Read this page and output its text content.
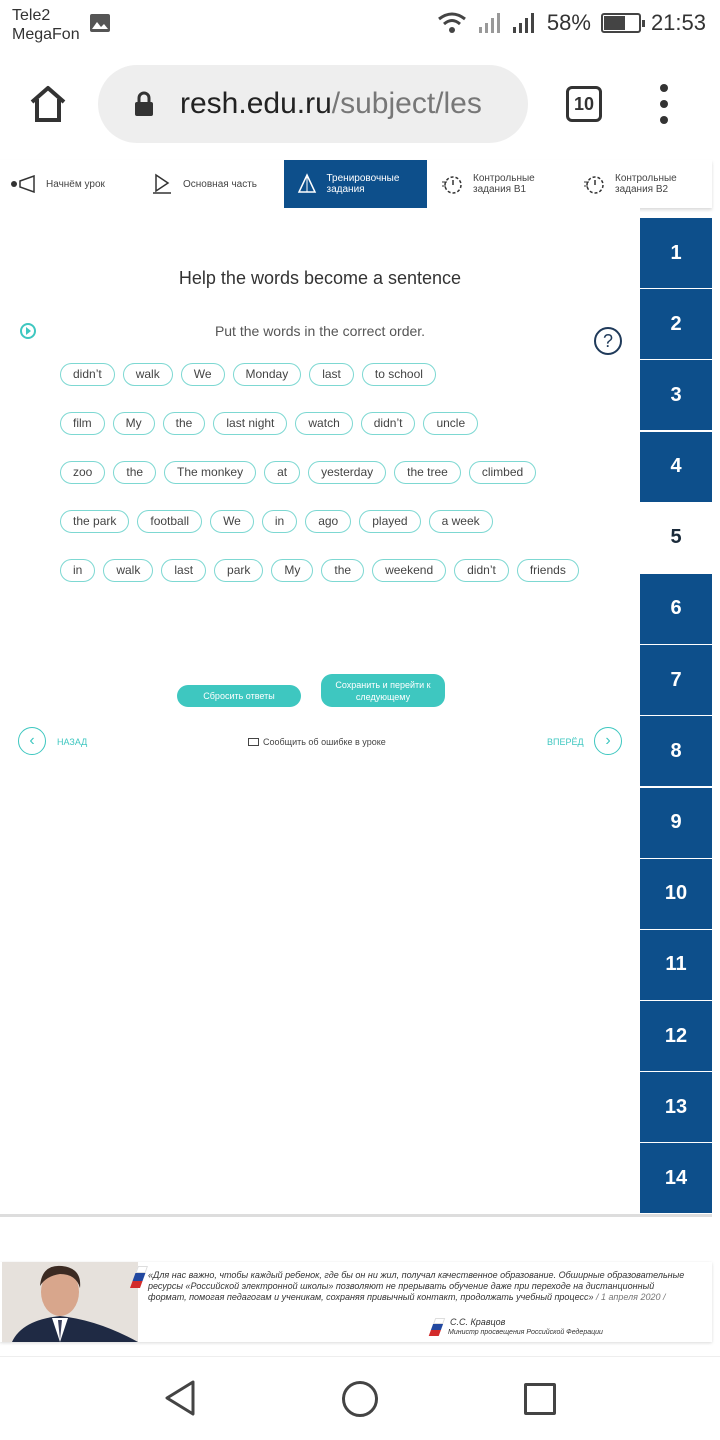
Tele2
MegaFon	58%	21:53
resh.edu.ru/subject/les	10
Начнём урок	Основная часть	Тренировочные задания
Контрольные задания В1
Контрольные задания В2
Help the words become a sentence
Put the words in the correct order.	?
didn’t	walk	We	Monday	last	to school
film	My	the	last night	watch	didn’t	uncle
zoo	the	The monkey	at	yesterday	the tree	climbed
the park	football	We	in	ago	played	a week
in	walk	last	park	My	the	weekend	didn’t	friends
Сбросить ответы
Сохранить и перейти к следующему
‹	НАЗАД	Сообщить об ошибке в уроке	ВПЕРЁД	›
1
2
3
4
5
6
7
8
9
10
11
12
13
14
«Для нас важно, чтобы каждый ребенок, где бы он ни жил, получал качественное образование. Обширные образовательные ресурсы «Российской электронной школы» позволяют не прерывать обучение даже при переходе на дистанционный формат, помогая педагогам и ученикам, сохраняя привычный контакт, продолжать учебный процесс» / 1 апреля 2020 /
С.С. Кравцов
Министр просвещения Российской Федерации
